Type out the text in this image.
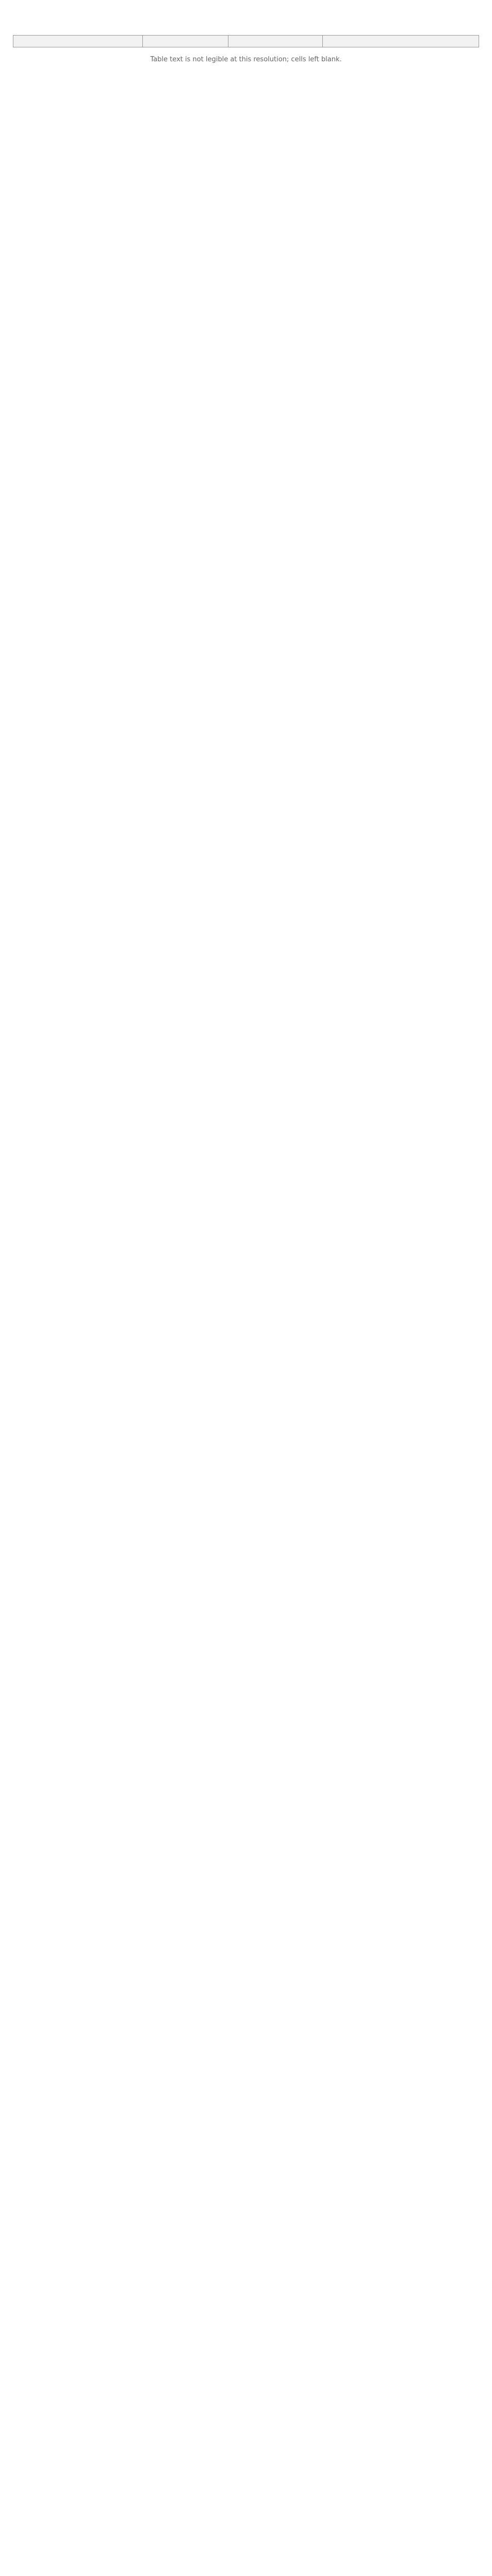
Table text is not legible at this resolution; cells left blank.
